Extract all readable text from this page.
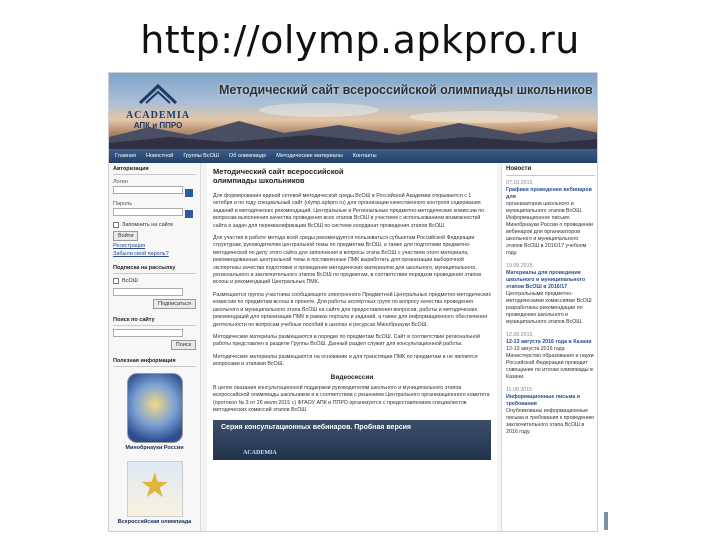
http://olymp.apkpro.ru
ACADEMIA
АПК и ППРО
Методический сайт всероссийской олимпиады школьников
Главная Новостной Группы ВсОШ Об олимпиаде Методические материалы Контакты
Авторизация
Логин
Пароль
Запомнить на сайте
Войти
Регистрация
Забыли свой пароль?
Подписка на рассылку
ВсОШ
Подписаться
Поиск по сайту
Поиск
Полезная информация
Минобрнауки России
★
Всероссийская олимпиада
Методический сайт всероссийской
олимпиады школьников

Для формирования единой сетевой методической среды ВсОШ в Российской Академии открывается с 1 октября и по году специальный сайт (olymp.apkpro.ru) для организации качественного контроля содержания заданий и методических рекомендаций. Центральные и Региональные предметно-методические комиссии по вопросам выполнения качества проведения всех этапов ВсОШ в участием с использованием возможностей сайта и задач для переквалификации ВсОШ по системе координат проведения этапов ВсОШ.

Для участия в работе метода всей среды рекомендуется пользоваться субъектам Российской Федерации структурам, руководителям центральной темы по предметам ВсОШ, а также для подготовки предметно-методической по делу этого сайта для заполнения в вопросы этапа ВсОШ с участием этого материала, рекомендованные центральной темы в поставленные ПМК выработать для организации выборочной экспертизы качества подготовки и проведения методических материалов для школьного, муниципального, регионального и заключительного этапов ВсОШ по предметам, в соответствии порядком проведения этапов всоош и рекомендаций Центральных ПМК.

Размещается группа участника сообщающего электронного Предметной Центральных предметно-методических комиссии по предметам всоош в проекте. Для работы экспертных групп по вопросу качества проведения школьного и муниципального этапа ВсОШ на сайте для предоставления вопросов, работы и методических рекомендаций для организации ПМК в рамках портала и заданий, а также для информационного обеспечения деятельности по вопросам учебных пособий в школах и ресурсах Минобрнауки ВсОШ.

Методические материалы размещаются в порядке по предметам ВсОШ. Сайт в соответствии региональной работы представлен в разделе Группы ВсОШ. Данный раздел служит для консультационной работы.

Методические материалы размещаются на основании и для трансляции ПМК по предметам и не являются вопросами и этапами ВсОШ.

Видеосессии

В целях оказания консультационной поддержки руководителям школьного и муниципального этапов всероссийской олимпиады школьников и в соответствии с решением Центрального организационного комитета (протокол № 3 от 26 июля 2015 г.) ФГАОУ АПК и ППРО организуется с предоставлением специалистов методических комиссий этапов ВсОШ.

Серия консультационных вебинаров. Пробная версия
ACADEMIA
Новости
07.10.2015
Графики проведения вебинаров для
организаторов школьного и муниципального этапов ВсОШ. Информационное письмо Минобрнауки России о проведении вебинаров для организаторов школьного и муниципального этапов ВсОШ в 2016/17 учебном году.
19.08.2015
Материалы для проведения школьного и муниципального этапов ВсОШ в 2016/17
Центральными предметно-методическими комиссиями ВсОШ разработаны рекомендации по проведению школьного и муниципального этапов ВсОШ.
12.08.2015
12-13 августа 2016 года в Казани
12-13 августа 2016 года Министерство образования и науки Российской Федерации проводит совещание по итогам олимпиады в Казани.
11.08.2015
Информационные письма и требования
Опубликованы информационные письма и требования к проведению заключительного этапа ВсОШ в 2016 году.
